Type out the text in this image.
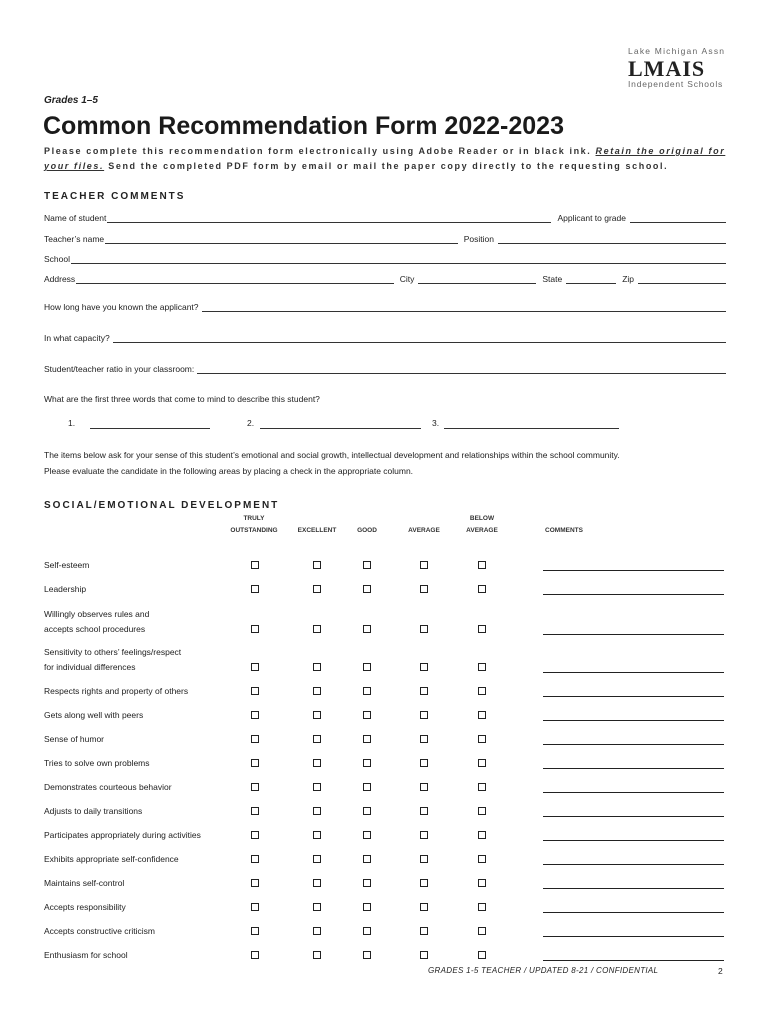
Lake Michigan Assn
LMAIS
Independent Schools
Grades 1–5
Common Recommendation Form 2022-2023
Please complete this recommendation form electronically using Adobe Reader or in black ink. Retain the original for your files. Send the completed PDF form by email or mail the paper copy directly to the requesting school.
TEACHER COMMENTS
Name of student	Applicant to grade
Teacher’s name	Position
School
Address	City	State	Zip
How long have you known the applicant?
In what capacity?
Student/teacher ratio in your classroom:
What are the first three words that come to mind to describe this student?
1.	2.	3.
The items below ask for your sense of this student’s emotional and social growth, intellectual development and relationships within the school community.
Please evaluate the candidate in the following areas by placing a check in the appropriate column.
SOCIAL/EMOTIONAL DEVELOPMENT
TRULY
OUTSTANDING	EXCELLENT	GOOD	AVERAGE
BELOW
AVERAGE	COMMENTS
Self-esteem
Leadership
Willingly observes rules and
accepts school procedures
Sensitivity to others’ feelings/respect
for individual differences
Respects rights and property of others
Gets along well with peers
Sense of humor
Tries to solve own problems
Demonstrates courteous behavior
Adjusts to daily transitions
Participates appropriately during activities
Exhibits appropriate self-confidence
Maintains self-control
Accepts responsibility
Accepts constructive criticism
Enthusiasm for school
GRADES 1-5 TEACHER / UPDATED 8-21 / CONFIDENTIAL	2
